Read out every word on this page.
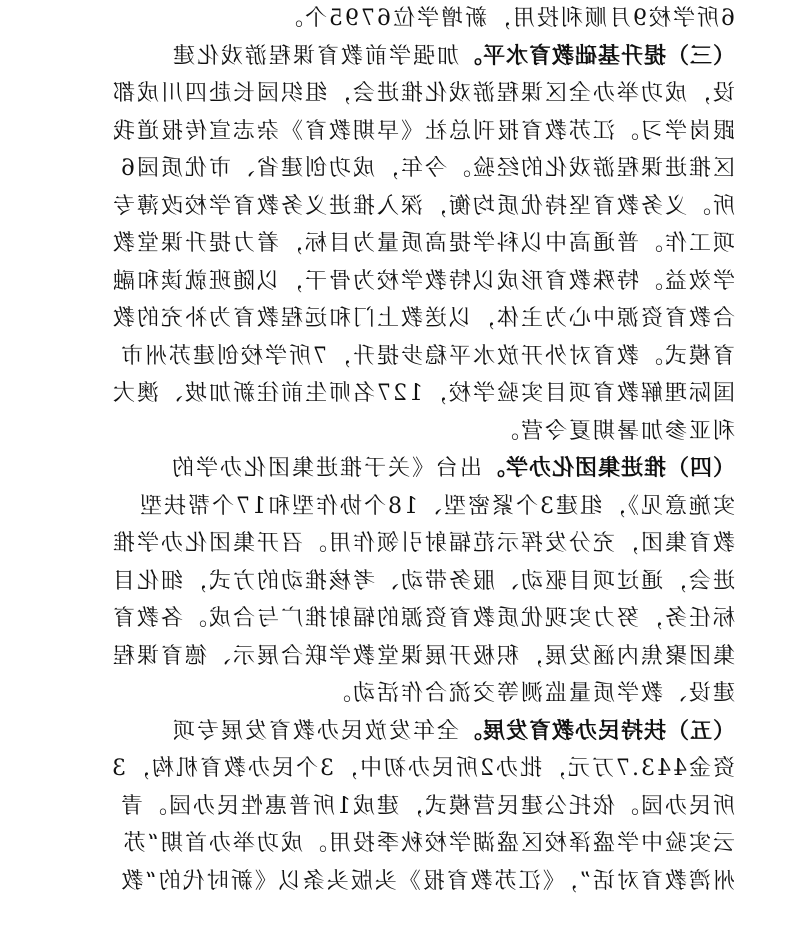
6所学校9月顺利投用，新增学位6795个。
（三）提升基础教育水平。加强学前教育课程游戏化建
设，成功举办全区课程游戏化推进会，组织园长赴四川成都
跟岗学习。江苏教育报刊总社《早期教育》杂志宣传报道我
区推进课程游戏化的经验。今年，成功创建省、市优质园6
所。义务教育坚持优质均衡，深入推进义务教育学校改薄专
项工作。普通高中以科学提高质量为目标，着力提升课堂教
学效益。特殊教育形成以特教学校为骨干，以随班就读和融
合教育资源中心为主体，以送教上门和远程教育为补充的教
育模式。教育对外开放水平稳步提升，7所学校创建苏州市
国际理解教育项目实验学校，127名师生前往新加坡、澳大
利亚参加暑期夏令营。
（四）推进集团化办学。出台《关于推进集团化办学的
实施意见》，组建3个紧密型、18个协作型和17个帮扶型
教育集团，充分发挥示范辐射引领作用。召开集团化办学推
进会，通过项目驱动、服务带动、考核推动的方式，细化目
标任务，努力实现优质教育资源的辐射推广与合成。各教育
集团聚焦内涵发展，积极开展课堂教学联合展示、德育课程
建设、教学质量监测等交流合作活动。
（五）扶持民办教育发展。全年发放民办教育发展专项
资金443.7万元，批办2所民办初中，3个民办教育机构，3
所民办园。依托公建民营模式，建成1所普惠性民办园。青
云实验中学盛泽校区盛湖学校秋季投用。成功举办首期“苏
州湾教育对话”，《江苏教育报》头版头条以《新时代的“教
